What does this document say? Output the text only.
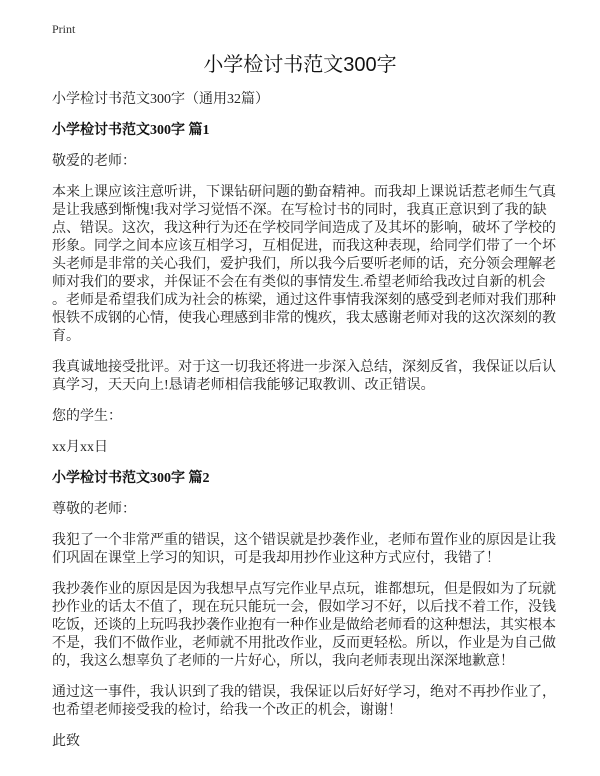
Print
小学检讨书范文300字
小学检讨书范文300字（通用32篇）
小学检讨书范文300字 篇1
敬爱的老师：
本来上课应该注意听讲，下课钻研问题的勤奋精神。而我却上课说话惹老师生气真
是让我感到惭愧!我对学习觉悟不深。在写检讨书的同时，我真正意识到了我的缺
点、错误。这次，我这种行为还在学校同学间造成了及其坏的影响，破坏了学校的
形象。同学之间本应该互相学习，互相促进，而我这种表现，给同学们带了一个坏
头老师是非常的关心我们，爱护我们，所以我今后要听老师的话，充分领会理解老
师对我们的要求，并保证不会在有类似的事情发生.希望老师给我改过自新的机会
。老师是希望我们成为社会的栋梁，通过这件事情我深刻的感受到老师对我们那种
恨铁不成钢的心情，使我心理感到非常的愧疚，我太感谢老师对我的这次深刻的教
育。
我真诚地接受批评。对于这一切我还将进一步深入总结，深刻反省，我保证以后认
真学习，天天向上!恳请老师相信我能够记取教训、改正错误。
您的学生：
xx月xx日
小学检讨书范文300字 篇2
尊敬的老师：
我犯了一个非常严重的错误，这个错误就是抄袭作业，老师布置作业的原因是让我
们巩固在课堂上学习的知识，可是我却用抄作业这种方式应付，我错了！
我抄袭作业的原因是因为我想早点写完作业早点玩，谁都想玩，但是假如为了玩就
抄作业的话太不值了，现在玩只能玩一会，假如学习不好，以后找不着工作，没钱
吃饭，还谈的上玩吗我抄袭作业抱有一种作业是做给老师看的这种想法，其实根本
不是，我们不做作业，老师就不用批改作业，反而更轻松。所以，作业是为自己做
的，我这么想辜负了老师的一片好心，所以，我向老师表现出深深地歉意！
通过这一事件，我认识到了我的错误，我保证以后好好学习，绝对不再抄作业了，
也希望老师接受我的检讨，给我一个改正的机会，谢谢！
此致
